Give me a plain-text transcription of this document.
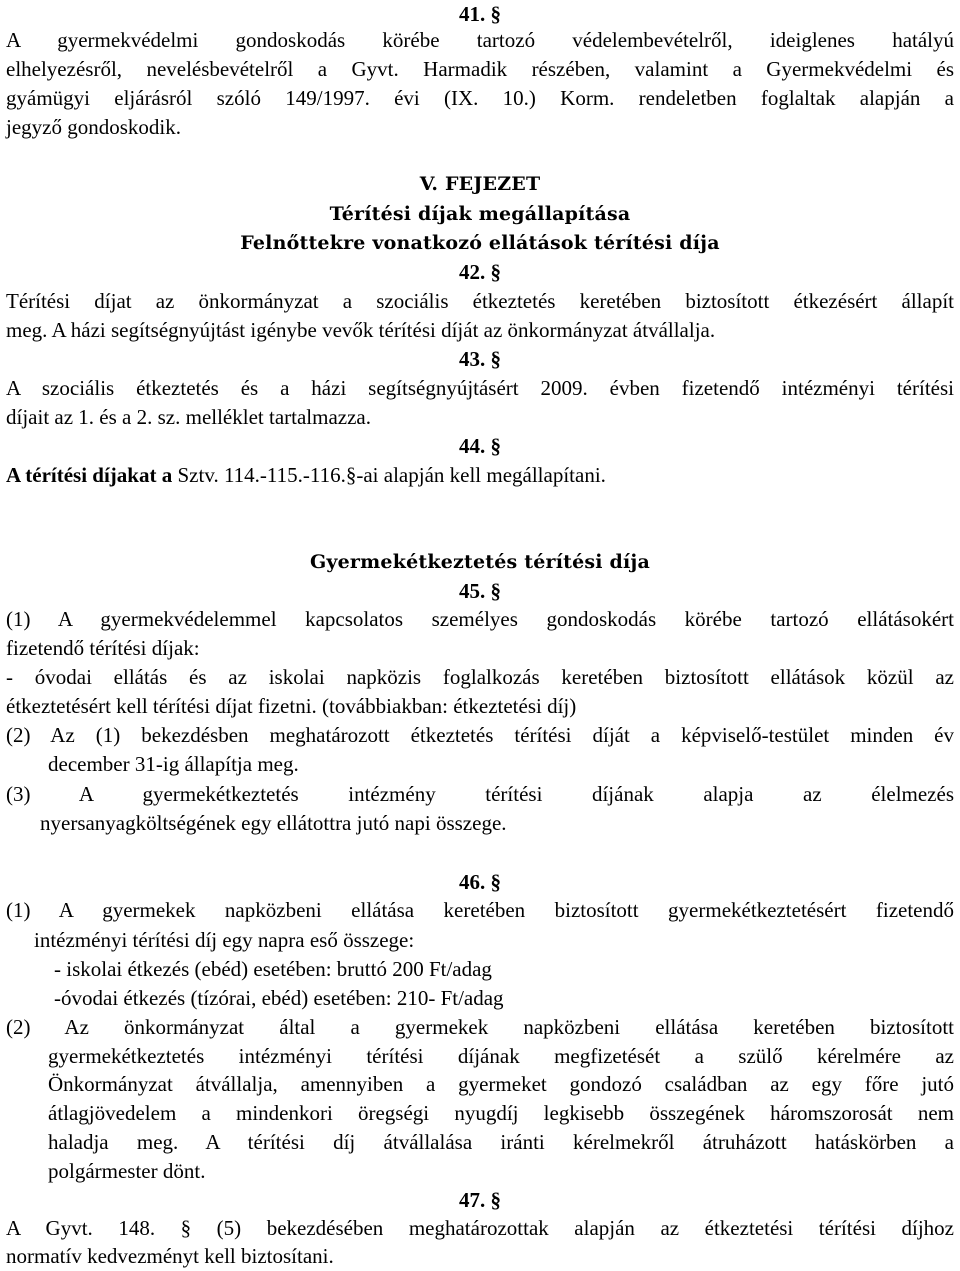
41. §
A gyermekvédelmi gondoskodás körébe tartozó védelembevételről, ideiglenes hatályú
elhelyezésről, nevelésbevételről a Gyvt. Harmadik részében, valamint a Gyermekvédelmi és
gyámügyi eljárásról szóló 149/1997. évi (IX. 10.) Korm. rendeletben foglaltak alapján a
jegyző gondoskodik.
V. FEJEZET
Térítési díjak megállapítása
Felnőttekre vonatkozó ellátások térítési díja
42. §
Térítési díjat az önkormányzat a szociális étkeztetés keretében biztosított étkezésért állapít
meg. A házi segítségnyújtást igénybe vevők térítési díját az önkormányzat átvállalja.
43. §
A szociális étkeztetés és a házi segítségnyújtásért 2009. évben fizetendő intézményi térítési
díjait az 1. és a 2. sz. melléklet tartalmazza.
44. §
A térítési díjakat a Sztv. 114.-115.-116.§-ai alapján kell megállapítani.
Gyermekétkeztetés térítési díja
45. §
(1) A gyermekvédelemmel kapcsolatos személyes gondoskodás körébe tartozó ellátásokért
fizetendő térítési díjak:
- óvodai ellátás és az iskolai napközis foglalkozás keretében biztosított ellátások közül az
étkeztetésért kell térítési díjat fizetni. (továbbiakban: étkeztetési díj)
(2) Az (1) bekezdésben meghatározott étkeztetés térítési díját a képviselő-testület minden év
december 31-ig állapítja meg.
(3) A gyermekétkeztetés intézmény térítési díjának alapja az élelmezés
nyersanyagköltségének egy ellátottra jutó napi összege.
46. §
(1) A gyermekek napközbeni ellátása keretében biztosított gyermekétkeztetésért fizetendő
intézményi térítési díj egy napra eső összege:
- iskolai étkezés (ebéd) esetében: bruttó 200 Ft/adag
-óvodai étkezés (tízórai, ebéd) esetében: 210- Ft/adag
(2) Az önkormányzat által a gyermekek napközbeni ellátása keretében biztosított
gyermekétkeztetés intézményi térítési díjának megfizetését a szülő kérelmére az
Önkormányzat átvállalja, amennyiben a gyermeket gondozó családban az egy főre jutó
átlagjövedelem a mindenkori öregségi nyugdíj legkisebb összegének háromszorosát nem
haladja meg. A térítési díj átvállalása iránti kérelmekről átruházott hatáskörben a
polgármester dönt.
47. §
A Gyvt. 148. § (5) bekezdésében meghatározottak alapján az étkeztetési térítési díjhoz
normatív kedvezményt kell biztosítani.
